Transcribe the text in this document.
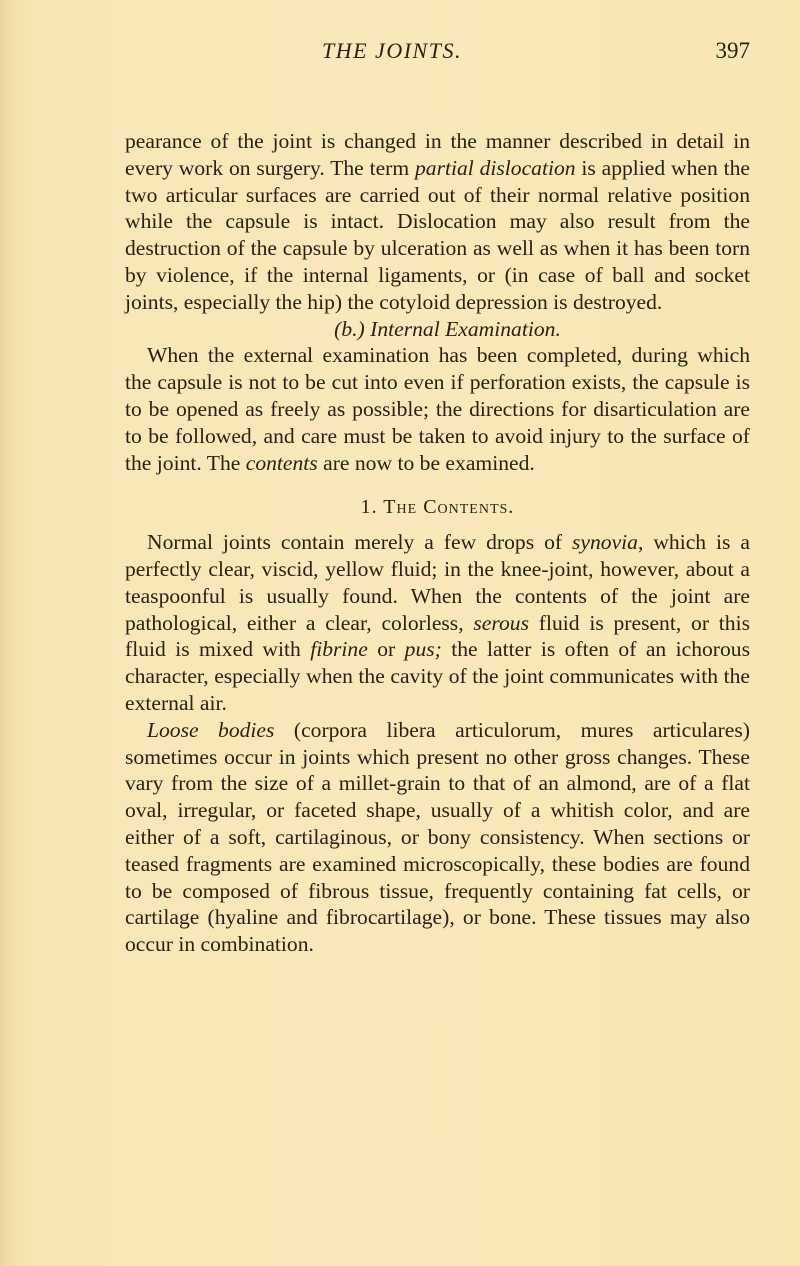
THE JOINTS.	397

pearance of the joint is changed in the manner described in detail in every work on surgery. The term partial dislocation is applied when the two articular surfaces are carried out of their normal relative position while the capsule is intact. Dislocation may also result from the destruction of the capsule by ulceration as well as when it has been torn by violence, if the internal ligaments, or (in case of ball and socket joints, especially the hip) the cotyloid depression is destroyed.

(b.) Internal Examination.

When the external examination has been completed, during which the capsule is not to be cut into even if perforation exists, the capsule is to be opened as freely as possible; the directions for disarticulation are to be followed, and care must be taken to avoid injury to the surface of the joint. The contents are now to be examined.

1. The Contents.

Normal joints contain merely a few drops of synovia, which is a perfectly clear, viscid, yellow fluid; in the knee-joint, however, about a teaspoonful is usually found. When the contents of the joint are pathological, either a clear, colorless, serous fluid is present, or this fluid is mixed with fibrine or pus; the latter is often of an ichorous character, especially when the cavity of the joint communicates with the external air.

Loose bodies (corpora libera articulorum, mures articulares) sometimes occur in joints which present no other gross changes. These vary from the size of a millet-grain to that of an almond, are of a flat oval, irregular, or faceted shape, usually of a whitish color, and are either of a soft, cartilaginous, or bony consistency. When sections or teased fragments are examined microscopically, these bodies are found to be composed of fibrous tissue, frequently containing fat cells, or cartilage (hyaline and fibrocartilage), or bone. These tissues may also occur in combination.
